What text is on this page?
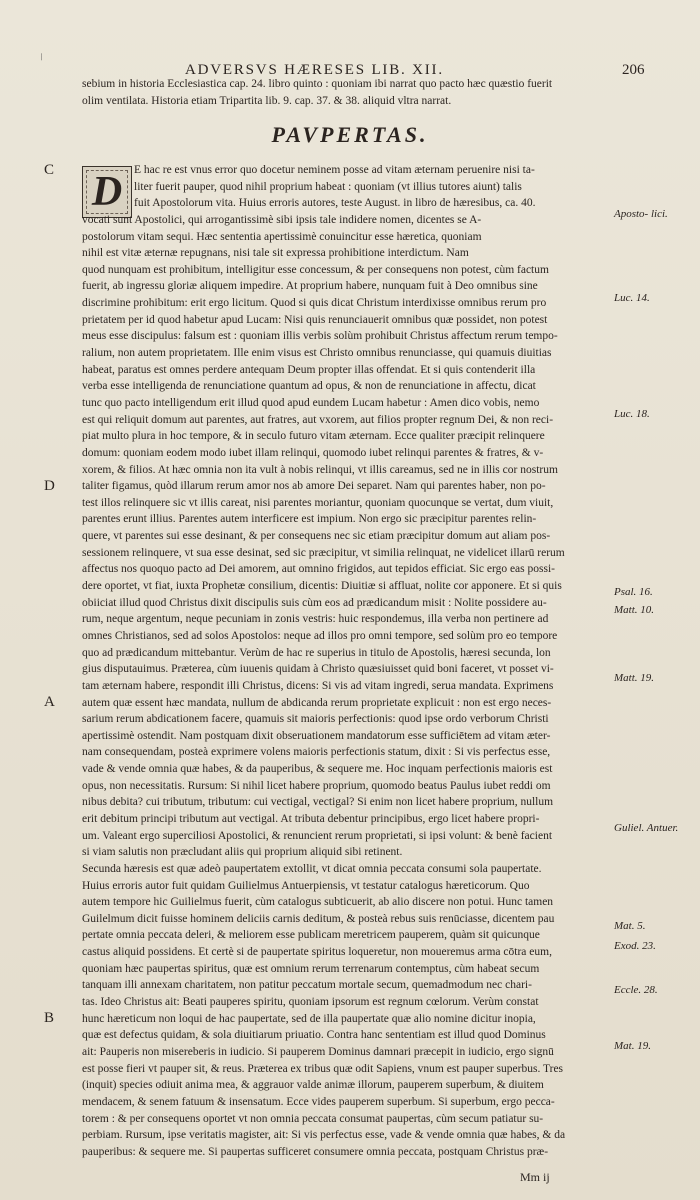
\
ADVERSVS HÆRESES LIB. XII.	206
sebium in historia Ecclesiastica cap. 24. libro quinto : quoniam ibi narrat quo pacto hæc quæstio fuerit
olim ventilata. Historia etiam Tripartita lib. 9. cap. 37. & 38. aliquid vltra narrat.
PAVPERTAS.
D
C
D
A
B
E hac re est vnus error quo docetur neminem posse ad vitam æternam peruenire nisi ta-
liter fuerit pauper, quod nihil proprium habeat : quoniam (vt illius tutores aiunt) talis
fuit Apostolorum vita. Huius erroris autores, teste August. in libro de hæresibus, ca. 40.
vocati sunt Apostolici, qui arrogantissimè sibi ipsis tale indidere nomen, dicentes se A-
postolorum vitam sequi. Hæc sententia apertissimè conuincitur esse hæretica, quoniam
nihil est vitæ æternæ repugnans, nisi tale sit expressa prohibitione interdictum. Nam
quod nunquam est prohibitum, intelligitur esse concessum, & per consequens non potest, cùm factum
fuerit, ab ingressu gloriæ aliquem impedire. At proprium habere, nunquam fuit à Deo omnibus sine
discrimine prohibitum: erit ergo licitum. Quod si quis dicat Christum interdixisse omnibus rerum pro
prietatem per id quod habetur apud Lucam: Nisi quis renunciauerit omnibus quæ possidet, non potest
meus esse discipulus: falsum est : quoniam illis verbis solùm prohibuit Christus affectum rerum tempo-
ralium, non autem proprietatem. Ille enim visus est Christo omnibus renunciasse, qui quamuis diuitias
habeat, paratus est omnes perdere antequam Deum propter illas offendat. Et si quis contenderit illa
verba esse intelligenda de renunciatione quantum ad opus, & non de renunciatione in affectu, dicat
tunc quo pacto intelligendum erit illud quod apud eundem Lucam habetur : Amen dico vobis, nemo
est qui reliquit domum aut parentes, aut fratres, aut vxorem, aut filios propter regnum Dei, & non reci-
piat multo plura in hoc tempore, & in seculo futuro vitam æternam. Ecce qualiter præcipit relinquere
domum: quoniam eodem modo iubet illam relinqui, quomodo iubet relinqui parentes & fratres, & v-
xorem, & filios. At hæc omnia non ita vult à nobis relinqui, vt illis careamus, sed ne in illis cor nostrum
taliter figamus, quòd illarum rerum amor nos ab amore Dei separet. Nam qui parentes haber, non po-
test illos relinquere sic vt illis careat, nisi parentes moriantur, quoniam quocunque se vertat, dum viuit,
parentes erunt illius. Parentes autem interficere est impium. Non ergo sic præcipitur parentes relin-
quere, vt parentes sui esse desinant, & per consequens nec sic etiam præcipitur domum aut aliam pos-
sessionem relinquere, vt sua esse desinat, sed sic præcipitur, vt similia relinquat, ne videlicet illarū rerum
affectus nos quoquo pacto ad Dei amorem, aut omnino frigidos, aut tepidos efficiat. Sic ergo eas possi-
dere oportet, vt fiat, iuxta Prophetæ consilium, dicentis: Diuitiæ si affluat, nolite cor apponere. Et si quis
obiiciat illud quod Christus dixit discipulis suis cùm eos ad prædicandum misit : Nolite possidere au-
rum, neque argentum, neque pecuniam in zonis vestris: huic respondemus, illa verba non pertinere ad
omnes Christianos, sed ad solos Apostolos: neque ad illos pro omni tempore, sed solùm pro eo tempore
quo ad prædicandum mittebantur. Verùm de hac re superius in titulo de Apostolis, hæresi secunda, lon
gius disputauimus. Præterea, cùm iuuenis quidam à Christo quæsiuisset quid boni faceret, vt posset vi-
tam æternam habere, respondit illi Christus, dicens: Si vis ad vitam ingredi, serua mandata. Exprimens
autem quæ essent hæc mandata, nullum de abdicanda rerum proprietate explicuit : non est ergo neces-
sarium rerum abdicationem facere, quamuis sit maioris perfectionis: quod ipse ordo verborum Christi
apertissimè ostendit. Nam postquam dixit obseruationem mandatorum esse sufficiētem ad vitam æter-
nam consequendam, posteà exprimere volens maioris perfectionis statum, dixit : Si vis perfectus esse,
vade & vende omnia quæ habes, & da pauperibus, & sequere me. Hoc inquam perfectionis maioris est
opus, non necessitatis. Rursum: Si nihil licet habere proprium, quomodo beatus Paulus iubet reddi om
nibus debita? cui tributum, tributum: cui vectigal, vectigal? Si enim non licet habere proprium, nullum
erit debitum principi tributum aut vectigal. At tributa debentur principibus, ergo licet habere propri-
um. Valeant ergo superciliosi Apostolici, & renuncient rerum proprietati, si ipsi volunt: & benè facient
si viam salutis non præcludant aliis qui proprium aliquid sibi retinent.
Secunda hæresis est quæ adeò paupertatem extollit, vt dicat omnia peccata consumi sola paupertate.
Huius erroris autor fuit quidam Guilielmus Antuerpiensis, vt testatur catalogus hæreticorum. Quo
autem tempore hic Guilielmus fuerit, cùm catalogus subticuerit, ab alio discere non potui. Hunc tamen
Guilelmum dicit fuisse hominem deliciis carnis deditum, & posteà rebus suis renūciasse, dicentem pau
pertate omnia peccata deleri, & meliorem esse publicam meretricem pauperem, quàm sit quicunque
castus aliquid possidens. Et certè si de paupertate spiritus loqueretur, non moueremus arma cōtra eum,
quoniam hæc paupertas spiritus, quæ est omnium rerum terrenarum contemptus, cùm habeat secum
tanquam illi annexam charitatem, non patitur peccatum mortale secum, quemadmodum nec chari-
tas. Ideo Christus ait: Beati pauperes spiritu, quoniam ipsorum est regnum cœlorum. Verùm constat
hunc hæreticum non loqui de hac paupertate, sed de illa paupertate quæ alio nomine dicitur inopia,
quæ est defectus quidam, & sola diuitiarum priuatio. Contra hanc sententiam est illud quod Dominus
ait: Pauperis non misereberis in iudicio. Si pauperem Dominus damnari præcepit in iudicio, ergo signū
est posse fieri vt pauper sit, & reus. Præterea ex tribus quæ odit Sapiens, vnum est pauper superbus. Tres
(inquit) species odiuit anima mea, & aggrauor valde animæ illorum, pauperem superbum, & diuitem
mendacem, & senem fatuum & insensatum. Ecce vides pauperem superbum. Si superbum, ergo pecca-
torem : & per consequens oportet vt non omnia peccata consumat paupertas, cùm secum patiatur su-
perbiam. Rursum, ipse veritatis magister, ait: Si vis perfectus esse, vade & vende omnia quæ habes, & da
pauperibus: & sequere me. Si paupertas sufficeret consumere omnia peccata, postquam Christus præ-
Aposto- lici.
Luc. 14.
Luc. 18.
Psal. 16.
Matt. 10.
Matt. 19.
Guliel. Antuer.
Mat. 5.
Exod. 23.
Eccle. 28.
Mat. 19.
Mm ij
